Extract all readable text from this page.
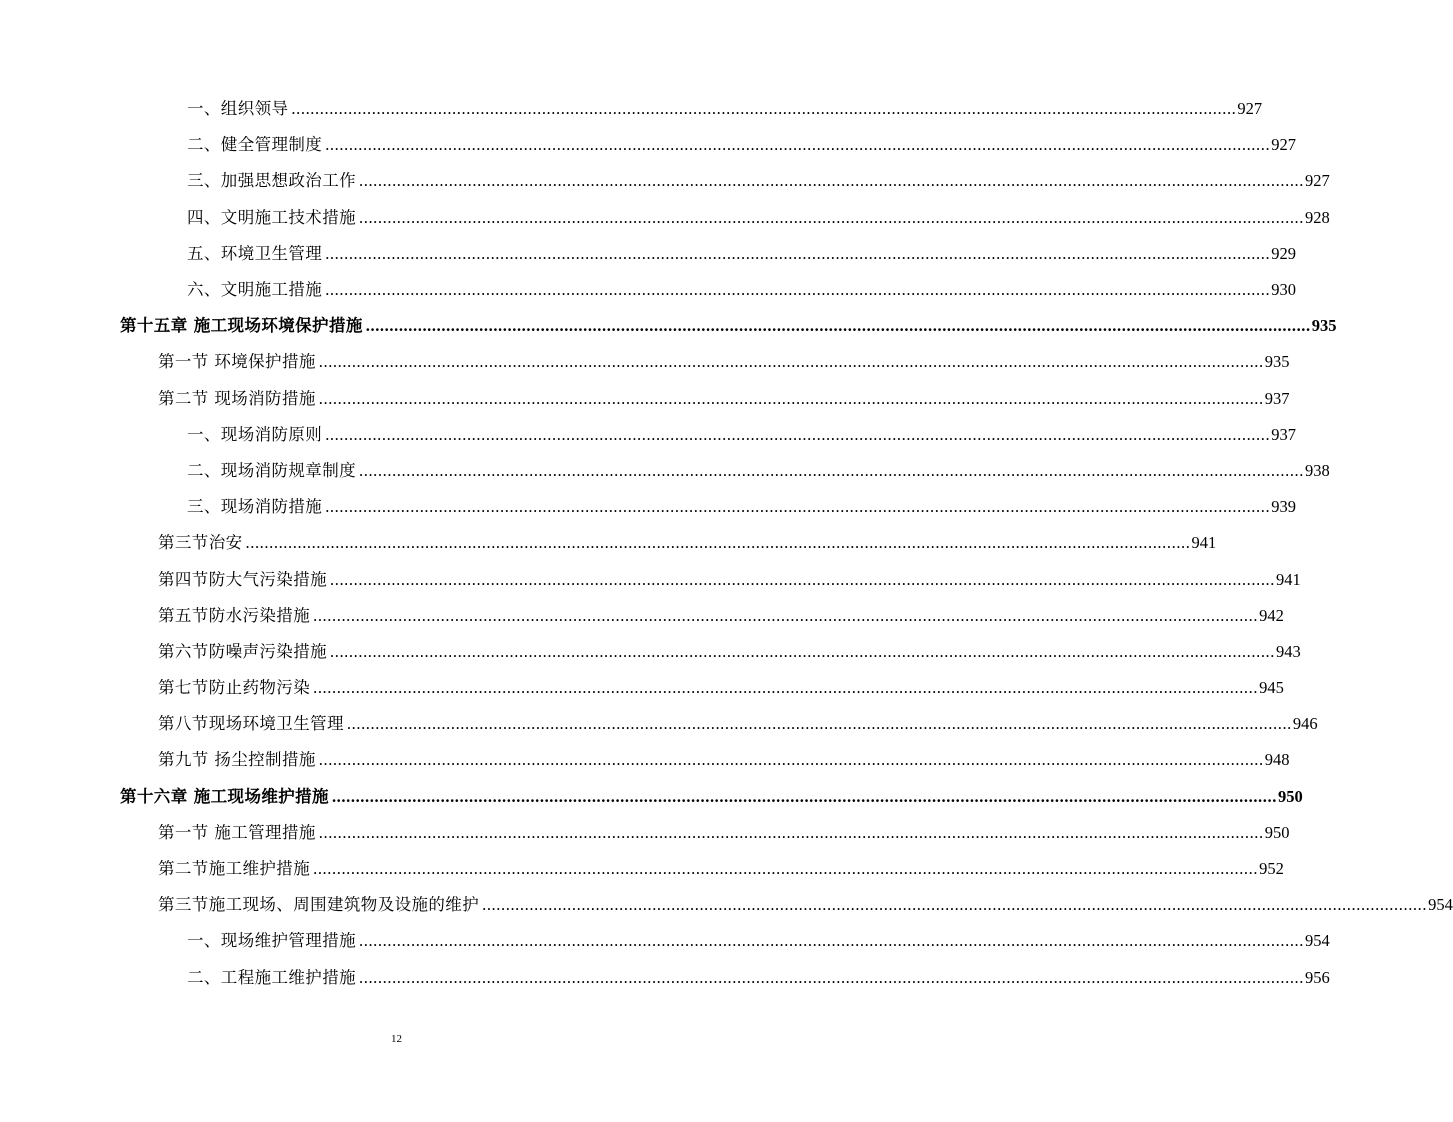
一、组织领导 ........................................................................................................................................................................................................ 927
二、健全管理制度 ........................................................................................................................................................................................................ 927
三、加强思想政治工作 ........................................................................................................................................................................................................ 927
四、文明施工技术措施 ........................................................................................................................................................................................................ 928
五、环境卫生管理 ........................................................................................................................................................................................................ 929
六、文明施工措施 ........................................................................................................................................................................................................ 930
第十五章 施工现场环境保护措施 ........................................................................................................................................................................................................ 935
第一节 环境保护措施 ........................................................................................................................................................................................................ 935
第二节 现场消防措施 ........................................................................................................................................................................................................ 937
一、现场消防原则 ........................................................................................................................................................................................................ 937
二、现场消防规章制度 ........................................................................................................................................................................................................ 938
三、现场消防措施 ........................................................................................................................................................................................................ 939
第三节治安 ........................................................................................................................................................................................................ 941
第四节防大气污染措施 ........................................................................................................................................................................................................ 941
第五节防水污染措施 ........................................................................................................................................................................................................ 942
第六节防噪声污染措施 ........................................................................................................................................................................................................ 943
第七节防止药物污染 ........................................................................................................................................................................................................ 945
第八节现场环境卫生管理 ........................................................................................................................................................................................................ 946
第九节 扬尘控制措施 ........................................................................................................................................................................................................ 948
第十六章 施工现场维护措施 ........................................................................................................................................................................................................ 950
第一节 施工管理措施 ........................................................................................................................................................................................................ 950
第二节施工维护措施 ........................................................................................................................................................................................................ 952
第三节施工现场、周围建筑物及设施的维护 ........................................................................................................................................................................................................ 954
一、现场维护管理措施 ........................................................................................................................................................................................................ 954
二、工程施工维护措施 ........................................................................................................................................................................................................ 956
12
